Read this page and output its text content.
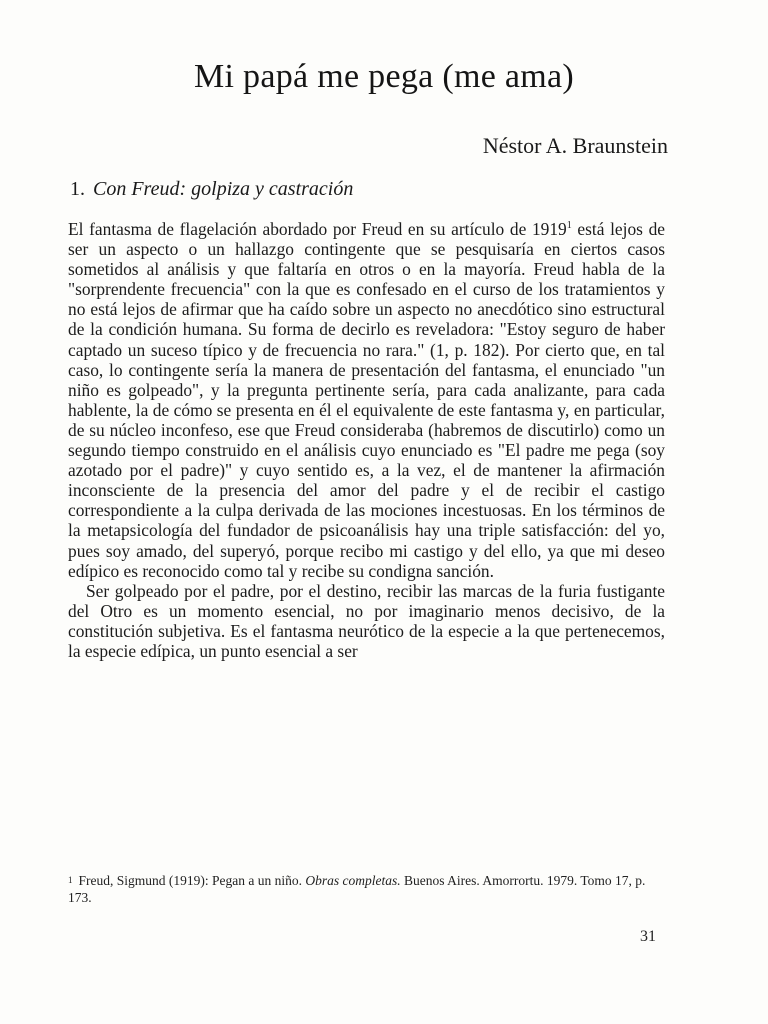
Mi papá me pega (me ama)
Néstor A. Braunstein
1. Con Freud: golpiza y castración

El fantasma de flagelación abordado por Freud en su artículo de 1919$^1$ está lejos de ser un aspecto o un hallazgo contingente que se pesquisaría en ciertos casos sometidos al análisis y que faltaría en otros o en la mayoría. Freud habla de la "sorprendente frecuencia" con la que es confesado en el curso de los tratamientos y no está lejos de afirmar que ha caído sobre un aspecto no anecdótico sino estructural de la condición humana. Su forma de decirlo es reveladora: "Estoy seguro de haber captado un suceso típico y de frecuencia no rara." (1, p. 182). Por cierto que, en tal caso, lo contingente sería la manera de presentación del fantasma, el enunciado "un niño es golpeado", y la pregunta pertinente sería, para cada analizante, para cada hablente, la de cómo se presenta en él el equivalente de este fantasma y, en particular, de su núcleo inconfeso, ese que Freud consideraba (habremos de discutirlo) como un segundo tiempo construido en el análisis cuyo enunciado es "El padre me pega (soy azotado por el padre)" y cuyo sentido es, a la vez, el de mantener la afirmación inconsciente de la presencia del amor del padre y el de recibir el castigo correspondiente a la culpa derivada de las mociones incestuosas. En los términos de la metapsicología del fundador de psicoanálisis hay una triple satisfacción: del yo, pues soy amado, del superyó, porque recibo mi castigo y del ello, ya que mi deseo edípico es reconocido como tal y recibe su condigna sanción.

Ser golpeado por el padre, por el destino, recibir las marcas de la furia fustigante del Otro es un momento esencial, no por imaginario menos decisivo, de la constitución subjetiva. Es el fantasma neurótico de la especie a la que pertenecemos, la especie edípica, un punto esencial a ser

$^1$ Freud, Sigmund (1919): Pegan a un niño. Obras completas. Buenos Aires. Amorrortu. 1979. Tomo 17, p. 173.
31
